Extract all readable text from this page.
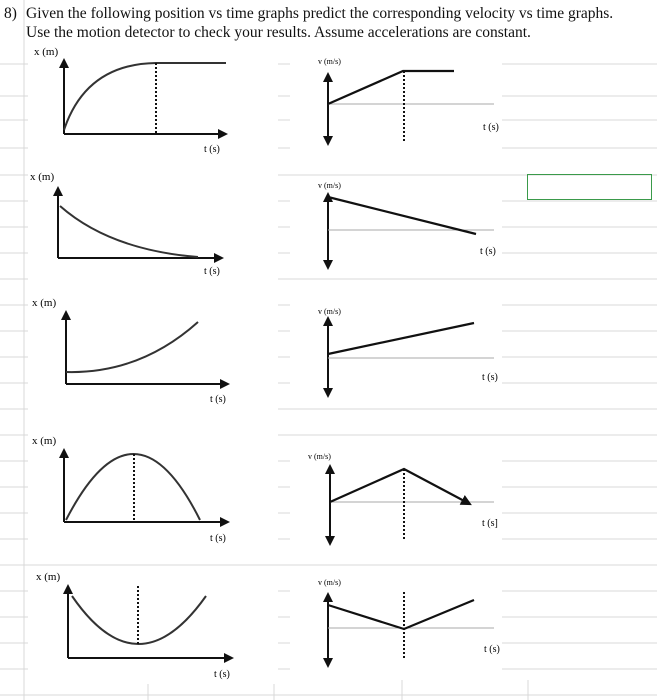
8) Given the following position vs time graphs predict the corresponding velocity vs time graphs.
Use the motion detector to check your results. Assume accelerations are constant.
x (m)
t (s)
v (m/s)
t (s)
x (m)
t (s)
v (m/s)
t (s)
x (m)
t (s)
v (m/s)
t (s)
x (m)
t (s)
v (m/s)
t (s]
x (m)
t (s)
v (m/s)
t (s)
